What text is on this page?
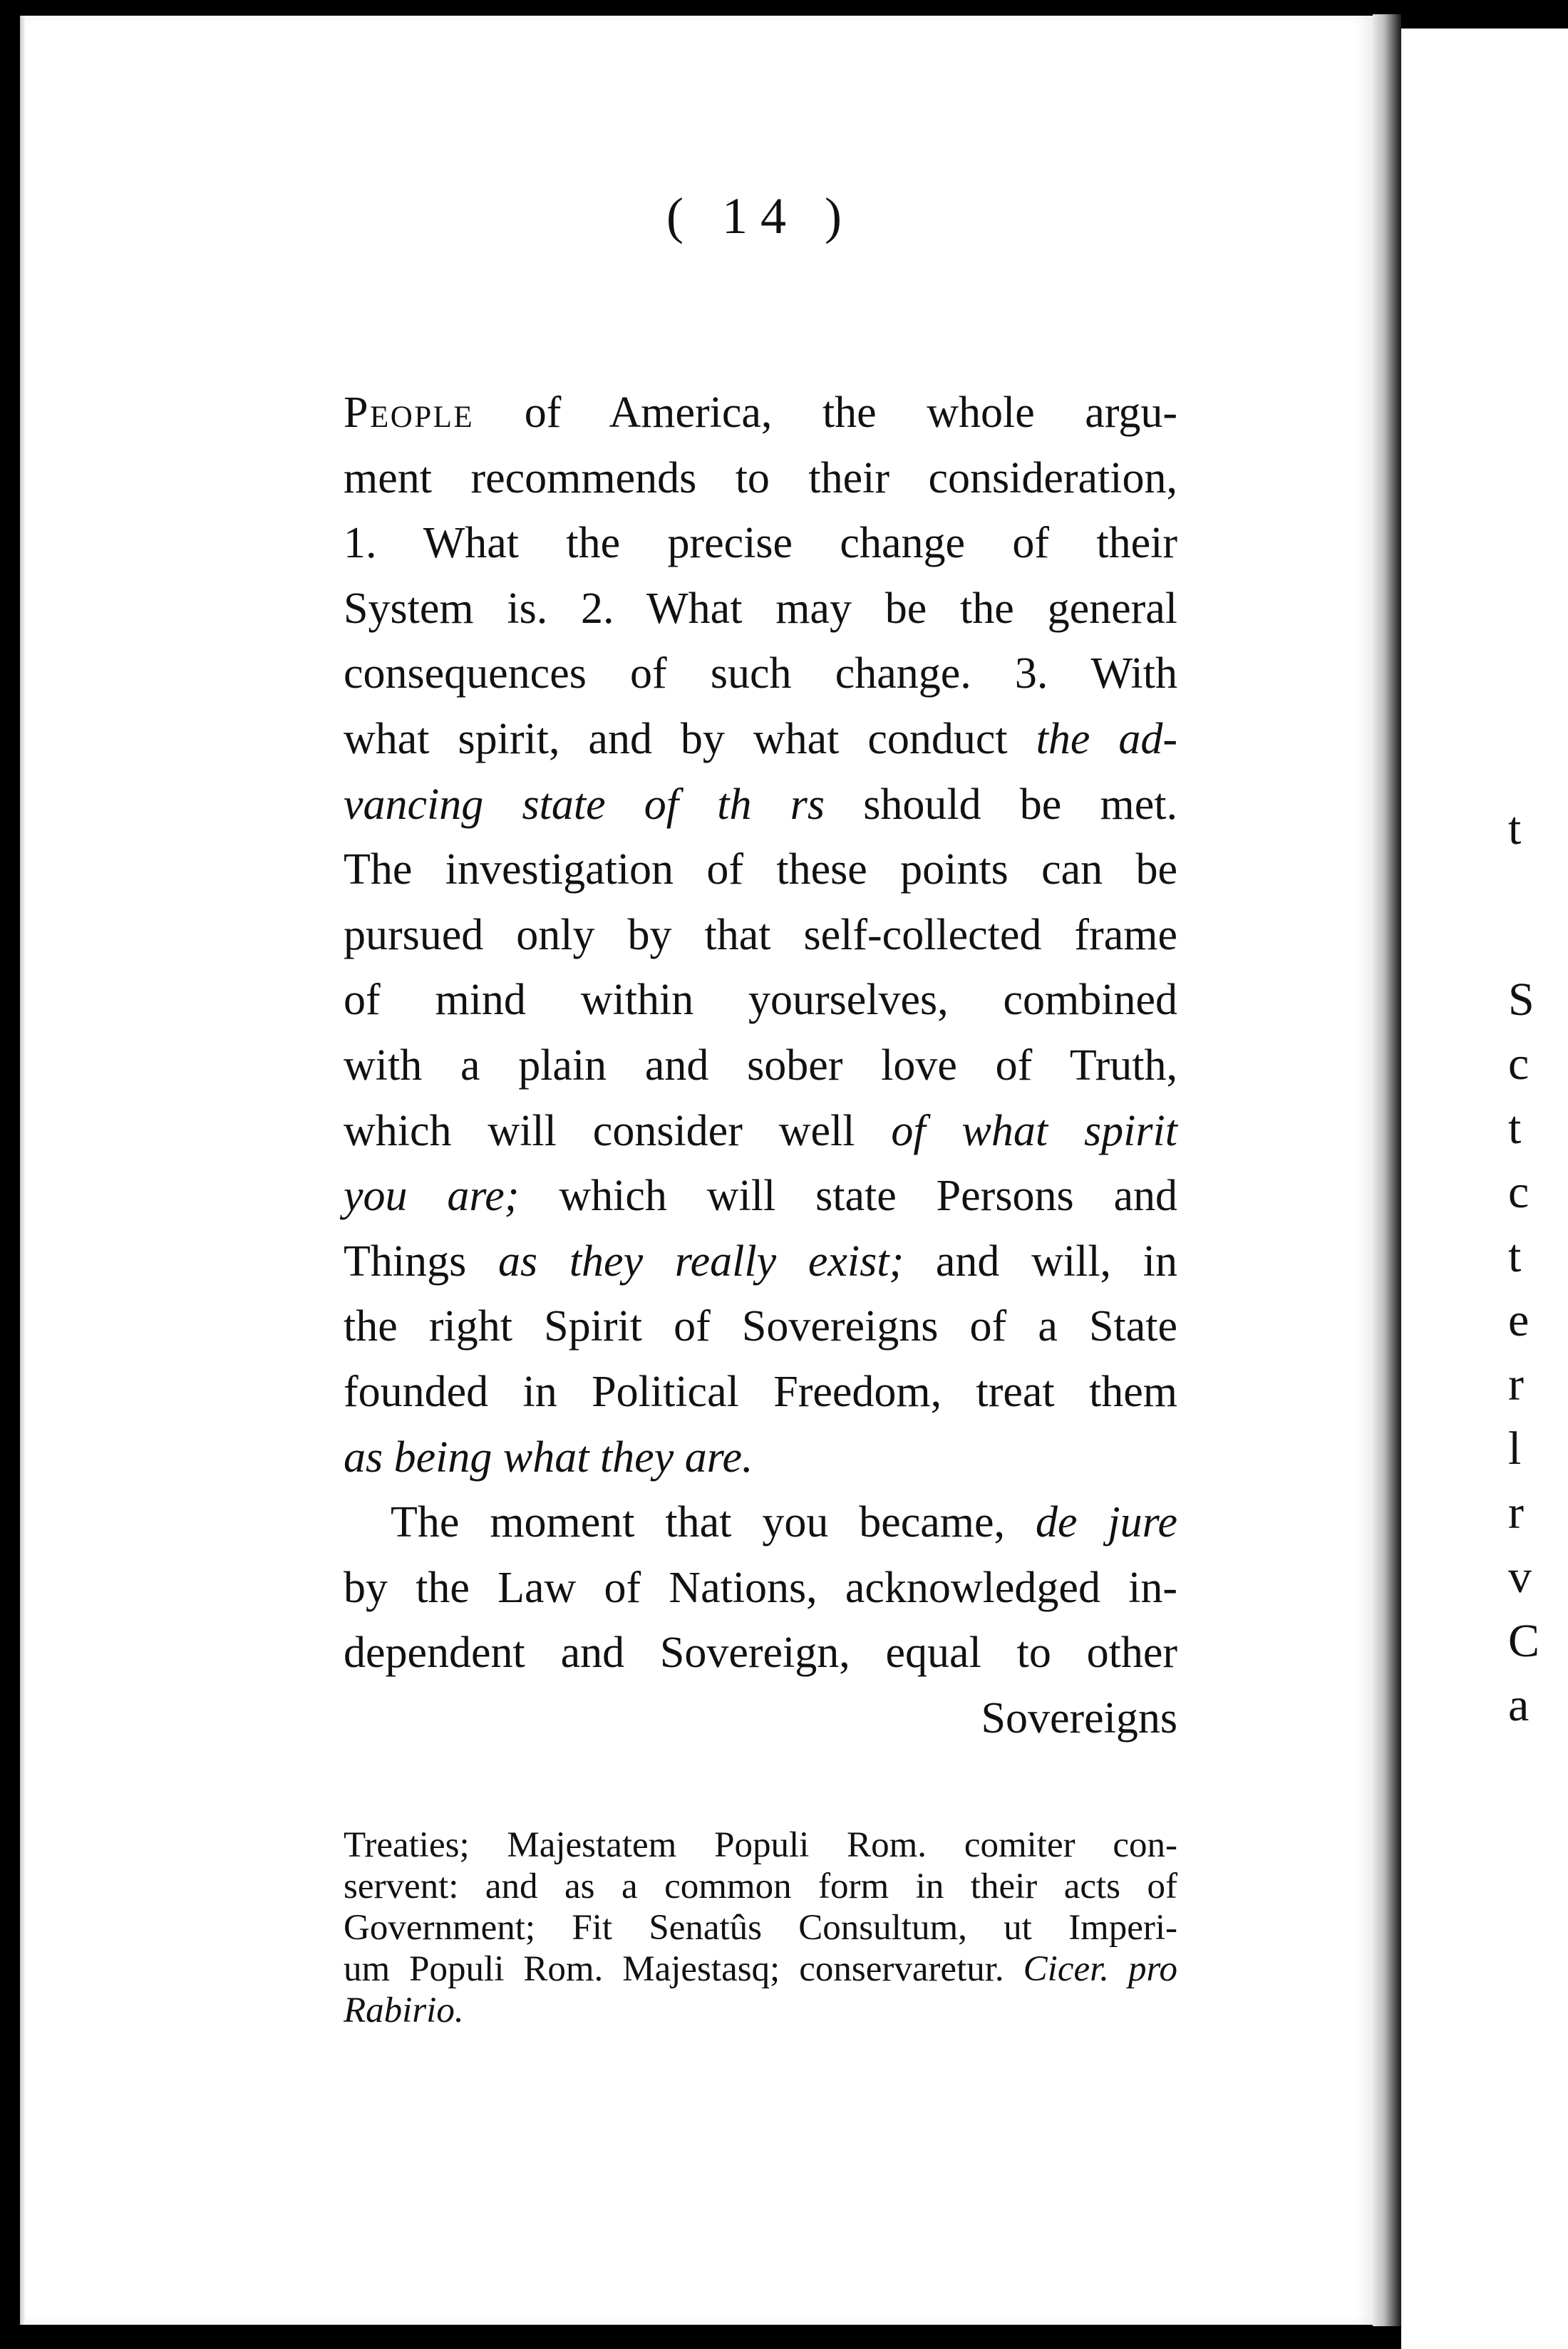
t
S
c
t
c
t
e
r
l
r
v
C
a
( 14 )
People of America, the whole argu-
ment recommends to their consideration,
1. What the precise change of their
System is. 2. What may be the general
consequences of such change. 3. With
what spirit, and by what conduct the ad-
vancing state of th rs should be met.
The investigation of these points can be
pursued only by that self-collected frame
of mind within yourselves, combined
with a plain and sober love of Truth,
which will consider well of what spirit
you are; which will state Persons and
Things as they really exist; and will, in
the right Spirit of Sovereigns of a State
founded in Political Freedom, treat them
as being what they are.
The moment that you became, de jure
by the Law of Nations, acknowledged in-
dependent and Sovereign, equal to other
Sovereigns
Treaties; Majestatem Populi Rom. comiter con-
servent: and as a common form in their acts of
Government; Fit Senatûs Consultum, ut Imperi-
um Populi Rom. Majestasq; conservaretur. Cicer. pro
Rabirio.
